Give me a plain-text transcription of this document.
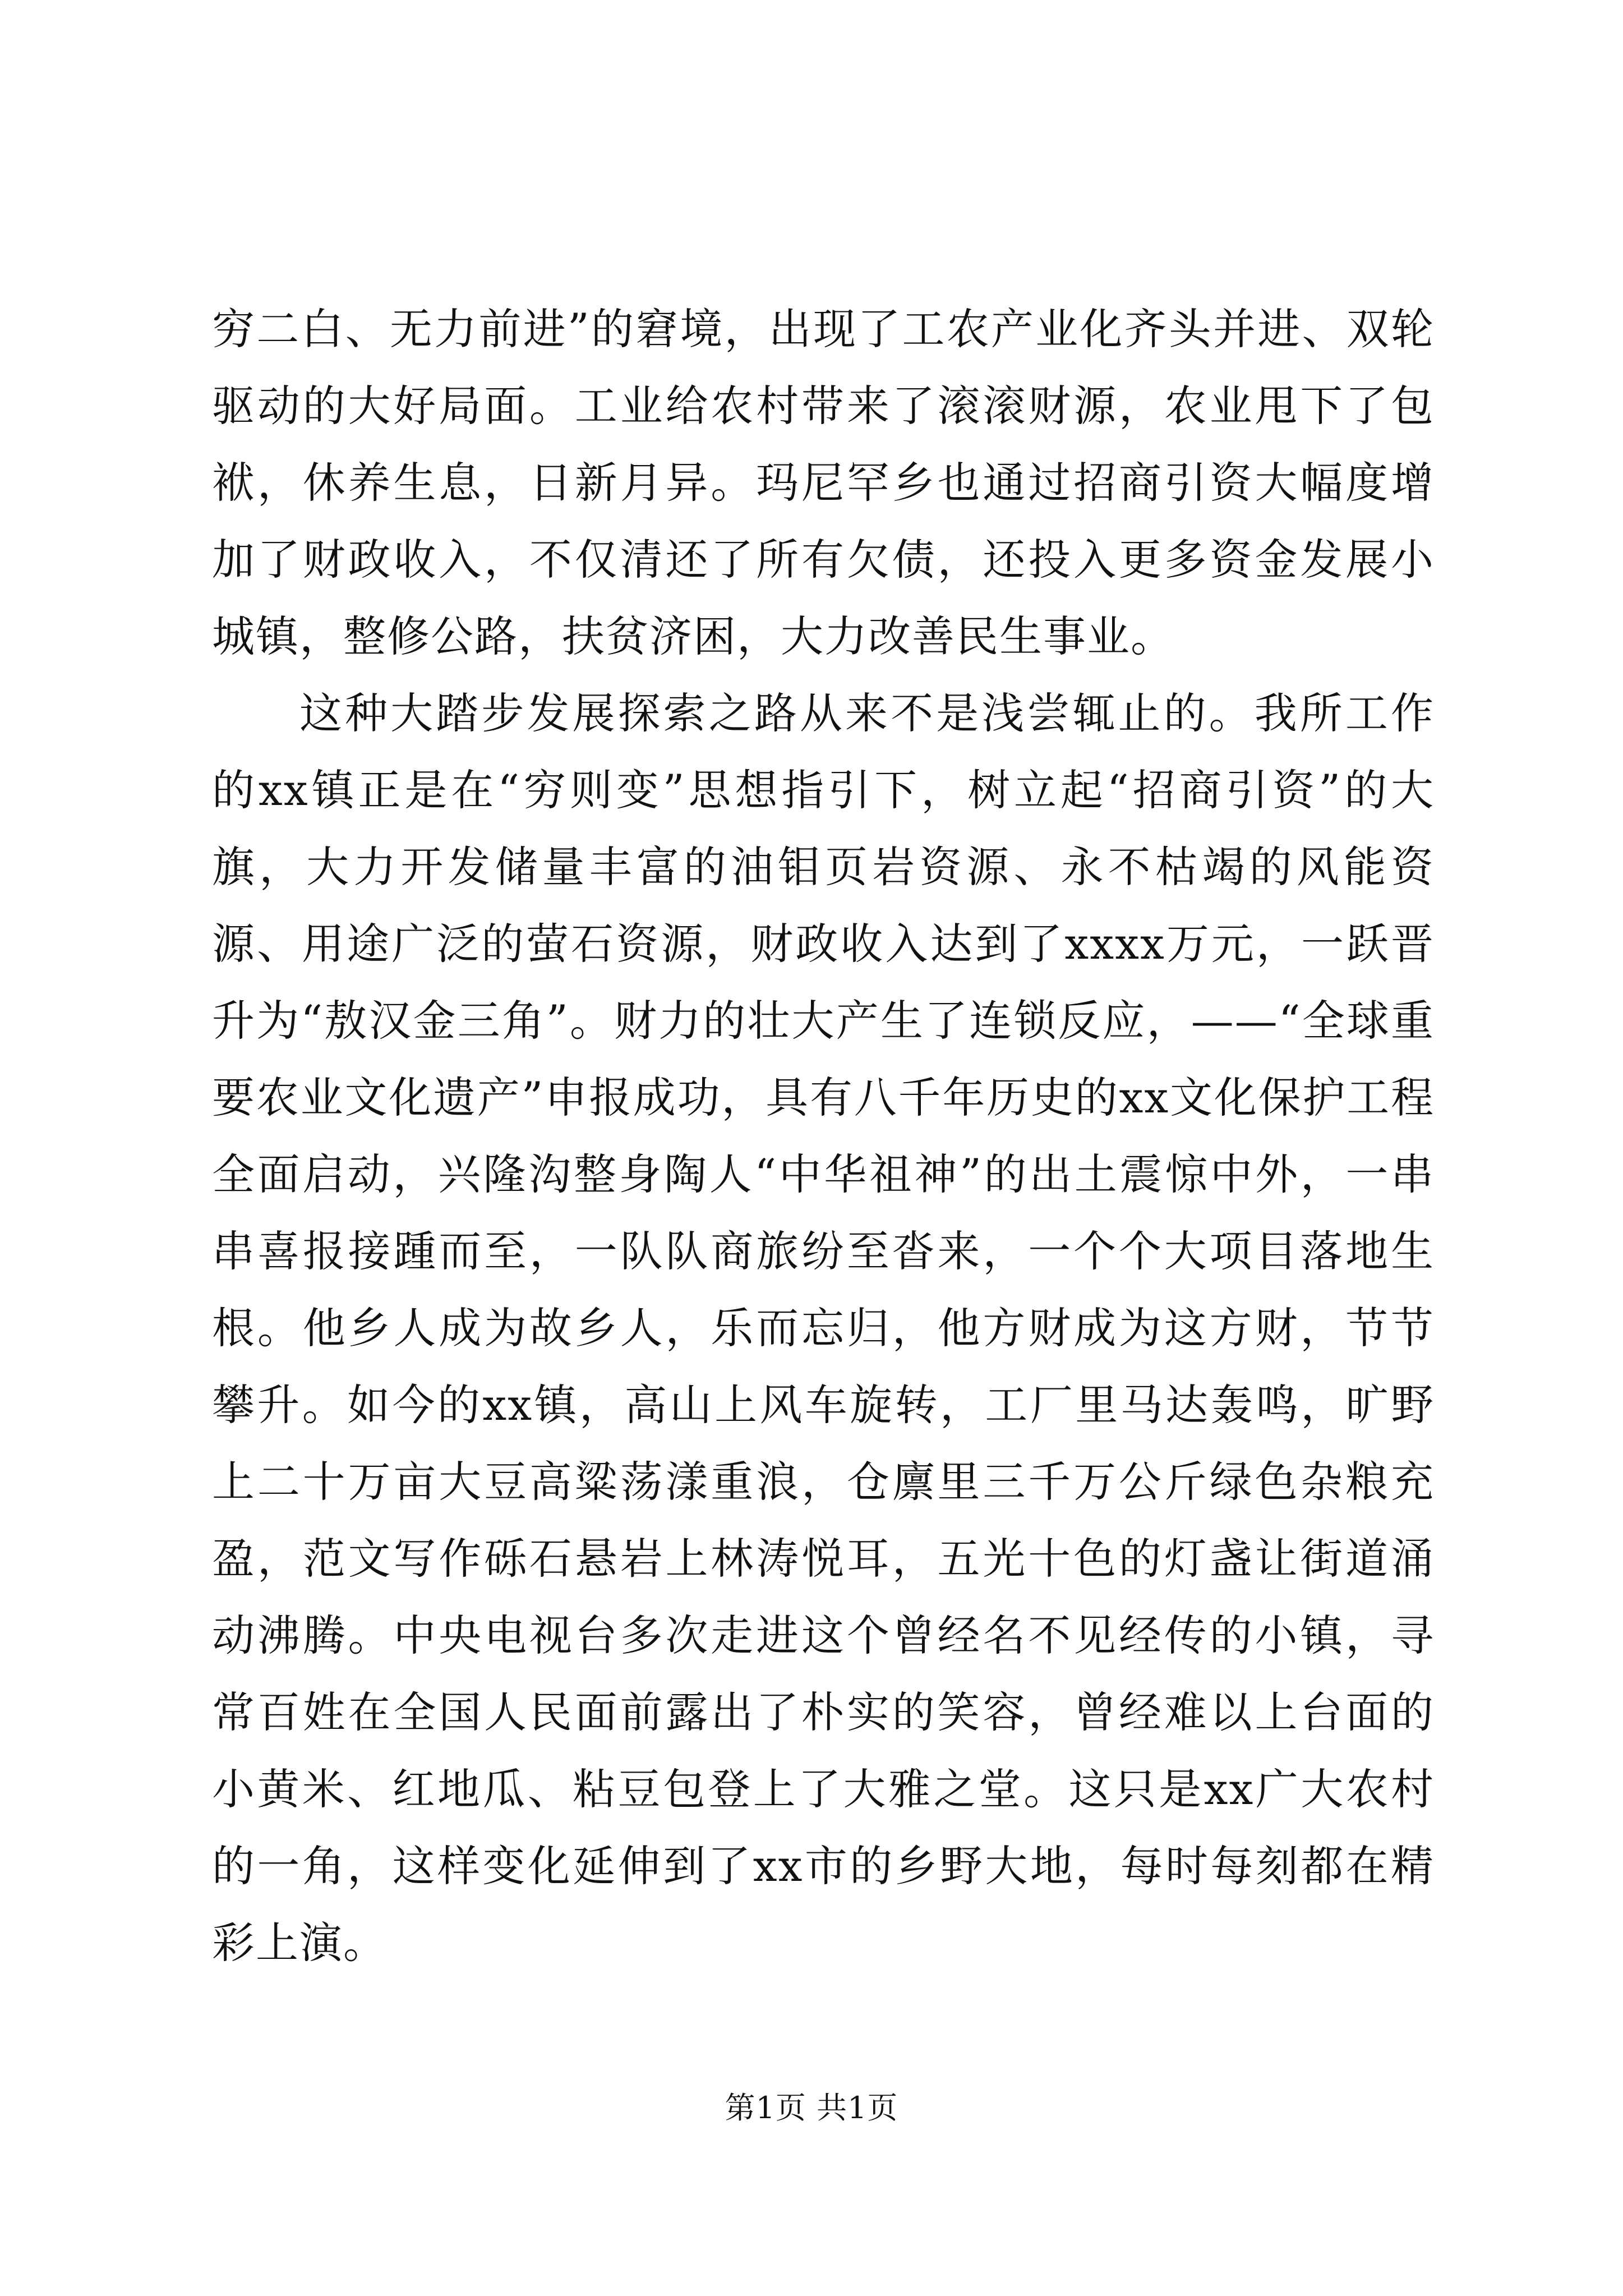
穷二白、无力前进”的窘境，出现了工农产业化齐头并进、双轮驱动的大好局面。工业给农村带来了滚滚财源，农业甩下了包袱，休养生息，日新月异。玛尼罕乡也通过招商引资大幅度增加了财政收入，不仅清还了所有欠债，还投入更多资金发展小城镇，整修公路，扶贫济困，大力改善民生事业。

这种大踏步发展探索之路从来不是浅尝辄止的。我所工作的xx镇正是在“穷则变”思想指引下，树立起“招商引资”的大旗，大力开发储量丰富的油钼页岩资源、永不枯竭的风能资源、用途广泛的萤石资源，财政收入达到了xxxx万元，一跃晋升为“敖汉金三角”。财力的壮大产生了连锁反应，——“全球重要农业文化遗产”申报成功，具有八千年历史的xx文化保护工程全面启动，兴隆沟整身陶人“中华祖神”的出土震惊中外，一串串喜报接踵而至，一队队商旅纷至沓来，一个个大项目落地生根。他乡人成为故乡人，乐而忘归，他方财成为这方财，节节攀升。如今的xx镇，高山上风车旋转，工厂里马达轰鸣，旷野上二十万亩大豆高粱荡漾重浪，仓廪里三千万公斤绿色杂粮充盈，范文写作砾石悬岩上林涛悦耳，五光十色的灯盏让街道涌动沸腾。中央电视台多次走进这个曾经名不见经传的小镇，寻常百姓在全国人民面前露出了朴实的笑容，曾经难以上台面的小黄米、红地瓜、粘豆包登上了大雅之堂。这只是xx广大农村的一角，这样变化延伸到了xx市的乡野大地，每时每刻都在精彩上演。

第1页 共1页
